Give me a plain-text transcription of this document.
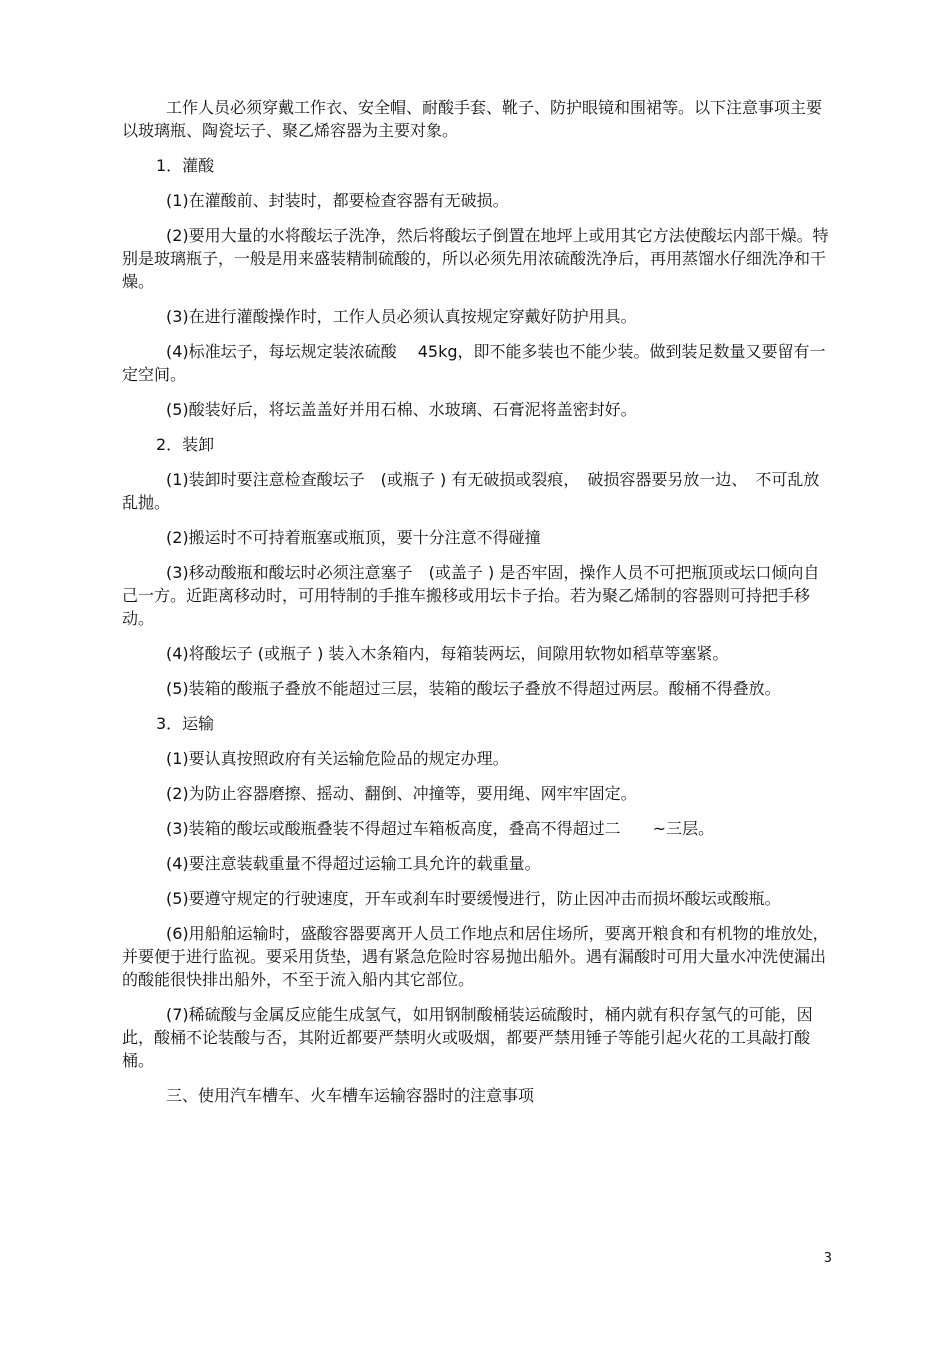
工作人员必须穿戴工作衣、安全帽、耐酸手套、靴子、防护眼镜和围裙等。以下注意事项主要以玻璃瓶、陶瓷坛子、聚乙烯容器为主要对象。

1．灌酸

(1)在灌酸前、封装时，都要检查容器有无破损。

(2)要用大量的水将酸坛子洗净，然后将酸坛子倒置在地坪上或用其它方法使酸坛内部干燥。特别是玻璃瓶子，一般是用来盛装精制硫酸的，所以必须先用浓硫酸洗净后，再用蒸馏水仔细洗净和干燥。

(3)在进行灌酸操作时，工作人员必须认真按规定穿戴好防护用具。

(4)标准坛子，每坛规定装浓硫酸　 45kg，即不能多装也不能少装。做到装足数量又要留有一定空间。

(5)酸装好后，将坛盖盖好并用石棉、水玻璃、石膏泥将盖密封好。

2．装卸

(1)装卸时要注意检查酸坛子　(或瓶子 ) 有无破损或裂痕，　破损容器要另放一边、　不可乱放乱抛。

(2)搬运时不可持着瓶塞或瓶顶，要十分注意不得碰撞

(3)移动酸瓶和酸坛时必须注意塞子　(或盖子 ) 是否牢固，操作人员不可把瓶顶或坛口倾向自己一方。近距离移动时，可用特制的手推车搬移或用坛卡子抬。若为聚乙烯制的容器则可持把手移动。

(4)将酸坛子 (或瓶子 ) 装入木条箱内，每箱装两坛，间隙用软物如稻草等塞紧。

(5)装箱的酸瓶子叠放不能超过三层，装箱的酸坛子叠放不得超过两层。酸桶不得叠放。

3．运输

(1)要认真按照政府有关运输危险品的规定办理。

(2)为防止容器磨擦、摇动、翻倒、冲撞等，要用绳、网牢牢固定。

(3)装箱的酸坛或酸瓶叠装不得超过车箱板高度，叠高不得超过二　　~三层。

(4)要注意装载重量不得超过运输工具允许的载重量。

(5)要遵守规定的行驶速度，开车或刹车时要缓慢进行，防止因冲击而损坏酸坛或酸瓶。

(6)用船舶运输时，盛酸容器要离开人员工作地点和居住场所，要离开粮食和有机物的堆放处，并要便于进行监视。要采用货垫，遇有紧急危险时容易抛出船外。遇有漏酸时可用大量水冲洗使漏出的酸能很快排出船外，不至于流入船内其它部位。

(7)稀硫酸与金属反应能生成氢气，如用钢制酸桶装运硫酸时，桶内就有积存氢气的可能，因此，酸桶不论装酸与否，其附近都要严禁明火或吸烟，都要严禁用锤子等能引起火花的工具敲打酸桶。

三、使用汽车槽车、火车槽车运输容器时的注意事项

3
